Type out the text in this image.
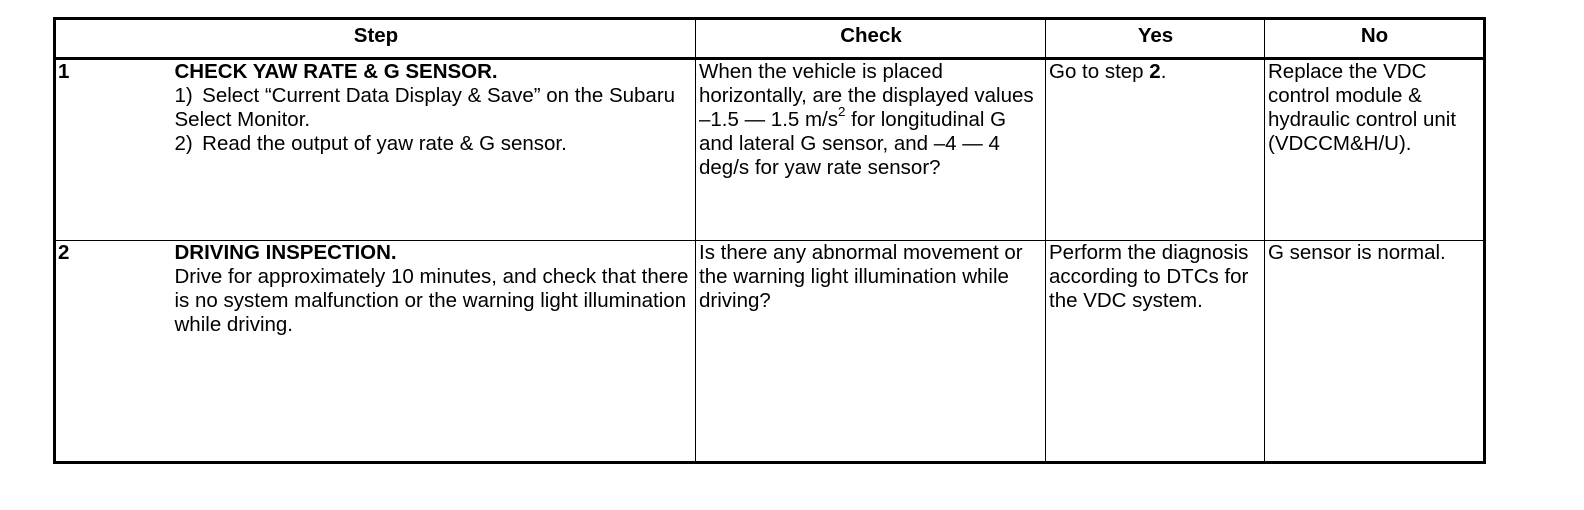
Step		Check	Yes	No
1	CHECK YAW RATE & G SENSOR.
1) Select “Current Data Display & Save” on the Subaru Select Monitor.
2) Read the output of yaw rate & G sensor.	When the vehicle is placed horizontally, are the displayed values –1.5 — 1.5 $m/s^2$ for longitudinal G and lateral G sensor, and –4 — 4 deg/s for yaw rate sensor?	Go to step 2.	Replace the VDC control module & hydraulic control unit (VDCCM&H/U).
2	DRIVING INSPECTION.
Drive for approximately 10 minutes, and check that there is no system malfunction or the warning light illumination while driving.	Is there any abnormal movement or the warning light illumination while driving?	Perform the diagnosis according to DTCs for the VDC system.	G sensor is normal.
